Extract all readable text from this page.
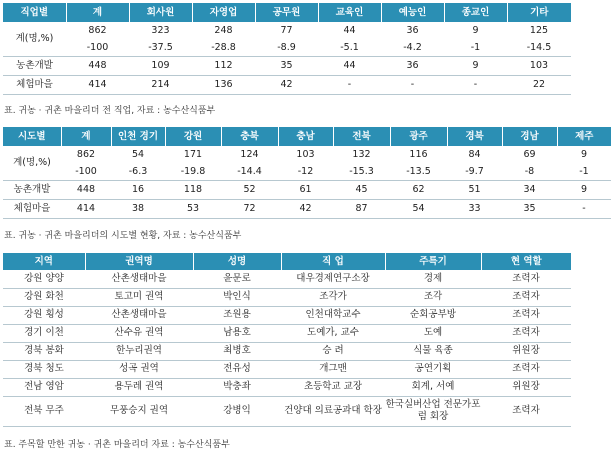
직업별	계	회사원	자영업	공무원	교육인	예능인	종교인	기타
계(명,%)	862	323	248	77	44	36	9	125
	-100	-37.5	-28.8	-8.9	-5.1	-4.2	-1	-14.5
농촌개발	448	109	112	35	44	36	9	103
체험마을	414	214	136	42	-	-	-	22
표. 귀농 · 귀촌 마을리더 전 직업, 자료 : 농수산식품부
시도별	계	인천 경기	강원	충북	충남	전북	광주	경북	경남	제주
계(명,%)	862	54	171	124	103	132	116	84	69	9
	-100	-6.3	-19.8	-14.4	-12	-15.3	-13.5	-9.7	-8	-1
농촌개발	448	16	118	52	61	45	62	51	34	9
체험마을	414	38	53	72	42	87	54	33	35	-
표. 귀농 · 귀촌 마을리더의 시도별 현황, 자료 : 농수산식품부
지역	권역명	성명	직 업	주특기	현 역할
강원 양양	산촌생태마을	윤문로	대우경제연구소장	경제	조력자
강원 화천	토고미 권역	박인식	조각가	조각	조력자
강원 횡성	산촌생태마을	조원용	인천대학교수	순회공부방	조력자
경기 이천	산수유 권역	남용호	도예가, 교수	도예	조력자
경북 봉화	한누리권역	최병호	승 려	식물 육종	위원장
경북 청도	성곡 권역	전유성	개그맨	공연기획	조력자
전남 영암	용두레 권역	박충좌	초등학교 교장	회계, 서예	위원장
전북 무주	무풍승지 권역	강병익	건양대 의료공과대 학장	한국실버산업 전문가포럼 회장	조력자
표. 주목할 만한 귀농 · 귀촌 마을리더 자료 : 농수산식품부
